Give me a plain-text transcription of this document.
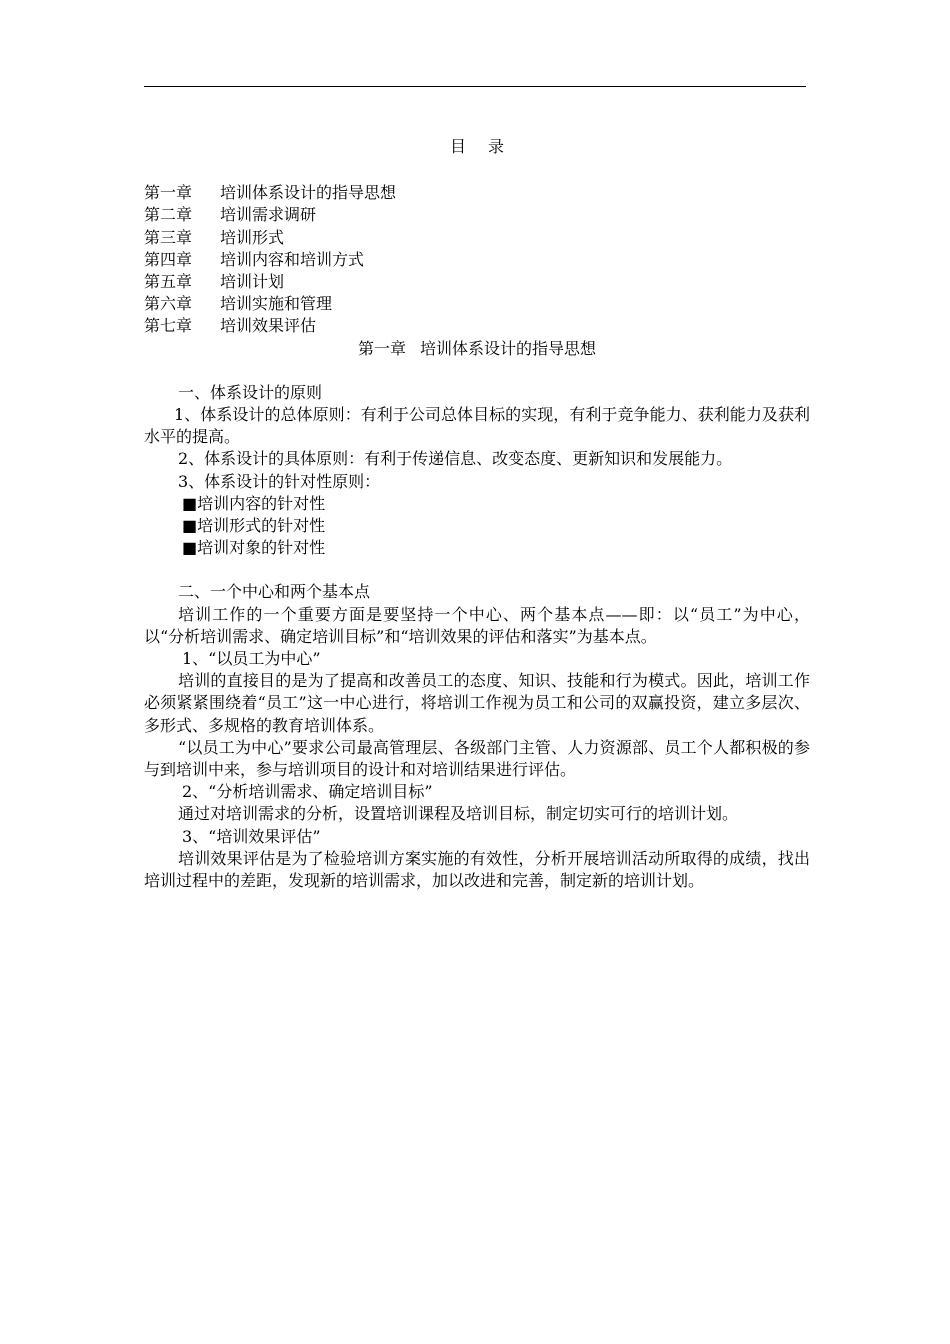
目 录
第一章 培训体系设计的指导思想
第二章 培训需求调研
第三章 培训形式
第四章 培训内容和培训方式
第五章 培训计划
第六章 培训实施和管理
第七章 培训效果评估
第一章 培训体系设计的指导思想
一、体系设计的原则
1、体系设计的总体原则：有利于公司总体目标的实现，有利于竞争能力、获利能力及获利水平的提高。
2、体系设计的具体原则：有利于传递信息、改变态度、更新知识和发展能力。
3、体系设计的针对性原则：
■培训内容的针对性
■培训形式的针对性
■培训对象的针对性
二、一个中心和两个基本点
培训工作的一个重要方面是要坚持一个中心、两个基本点——即：以“员工”为中心，以“分析培训需求、确定培训目标”和“培训效果的评估和落实”为基本点。
1、“以员工为中心”
培训的直接目的是为了提高和改善员工的态度、知识、技能和行为模式。因此，培训工作必须紧紧围绕着“员工”这一中心进行，将培训工作视为员工和公司的双赢投资，建立多层次、多形式、多规格的教育培训体系。
“以员工为中心”要求公司最高管理层、各级部门主管、人力资源部、员工个人都积极的参与到培训中来，参与培训项目的设计和对培训结果进行评估。
2、“分析培训需求、确定培训目标”
通过对培训需求的分析，设置培训课程及培训目标，制定切实可行的培训计划。
3、“培训效果评估”
培训效果评估是为了检验培训方案实施的有效性，分析开展培训活动所取得的成绩，找出培训过程中的差距，发现新的培训需求，加以改进和完善，制定新的培训计划。
